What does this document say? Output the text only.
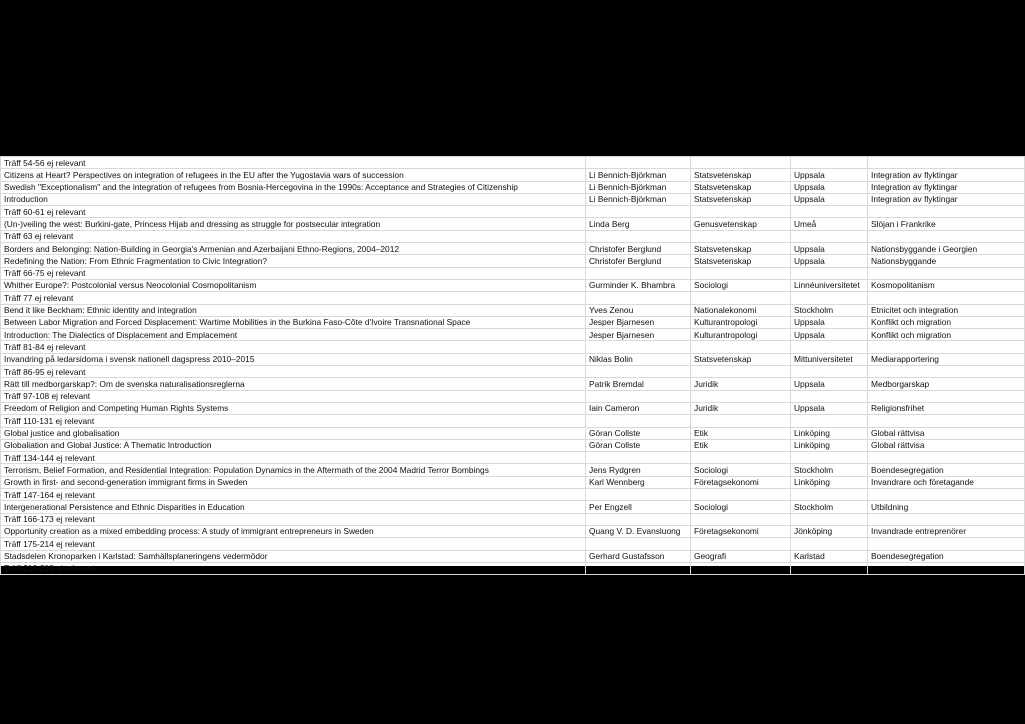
Träff 54-56 ej relevant				
Citizens at Heart? Perspectives on integration of refugees in the EU after the Yugoslavia wars of succession	Li Bennich-Björkman	Statsvetenskap	Uppsala	Integration av flyktingar
Swedish "Exceptionalism" and the integration of refugees from Bosnia-Hercegovina in the 1990s: Acceptance and Strategies of Citizenship	Li Bennich-Björkman	Statsvetenskap	Uppsala	Integration av flyktingar
Introduction	Li Bennich-Björkman	Statsvetenskap	Uppsala	Integration av flyktingar
Träff 60-61 ej relevant				
(Un-)veiling the west: Burkini-gate, Princess Hijab and dressing as struggle for postsecular integration	Linda Berg	Genusvetenskap	Umeå	Slöjan i Frankrike
Träff 63 ej relevant				
Borders and Belonging: Nation-Building in Georgia's Armenian and Azerbaijani Ethno-Regions, 2004–2012	Christofer Berglund	Statsvetenskap	Uppsala	Nationsbyggande i Georgien
Redefining the Nation: From Ethnic Fragmentation to Civic Integration?	Christofer Berglund	Statsvetenskap	Uppsala	Nationsbyggande
Träff 66-75 ej relevant				
Whither Europe?: Postcolonial versus Neocolonial Cosmopolitanism	Gurminder K. Bhambra	Sociologi	Linnéuniversitetet	Kosmopolitanism
Träff 77 ej relevant				
Bend it like Beckham: Ethnic identity and integration	Yves Zenou	Nationalekonomi	Stockholm	Etnicitet och integration
Between Labor Migration and Forced Displacement: Wartime Mobilities in the Burkina Faso-Côte d'Ivoire Transnational Space	Jesper Bjarnesen	Kulturantropologi	Uppsala	Konflikt och migration
Introduction: The Dialectics of Displacement and Emplacement	Jesper Bjarnesen	Kulturantropologi	Uppsala	Konflikt och migration
Träff 81-84 ej relevant				
Invandring på ledarsidorna i svensk nationell dagspress 2010–2015	Niklas Bolin	Statsvetenskap	Mittuniversitetet	Mediarapportering
Träff 86-95 ej relevant				
Rätt till medborgarskap?: Om de svenska naturalisationsreglerna	Patrik Bremdal	Juridik	Uppsala	Medborgarskap
Träff 97-108 ej relevant				
Freedom of Religion and Competing Human Rights Systems	Iain Cameron	Juridik	Uppsala	Religionsfrihet
Träff 110-131 ej relevant				
Global justice and globalisation	Göran Collste	Etik	Linköping	Global rättvisa
Globaliation and Global Justice: A Thematic Introduction	Göran Collste	Etik	Linköping	Global rättvisa
Träff 134-144 ej relevant				
Terrorism, Belief Formation, and Residential Integration: Population Dynamics in the Aftermath of the 2004 Madrid Terror Bombings	Jens Rydgren	Sociologi	Stockholm	Boendesegregation
Growth in first- and second-generation immigrant firms in Sweden	Karl Wennberg	Företagsekonomi	Linköping	Invandrare och företagande
Träff 147-164 ej relevant				
Intergenerational Persistence and Ethnic Disparities in Education	Per Engzell	Sociologi	Stockholm	Utbildning
Träff 166-173 ej relevant				
Opportunity creation as a mixed embedding process: A study of immigrant entrepreneurs in Sweden	Quang V. D. Evansluong	Företagsekonomi	Jönköping	Invandrade entreprenörer
Träff 175-214 ej relevant				
Stadsdelen Kronoparken i Karlstad: Samhällsplaneringens vedermödor	Gerhard Gustafsson	Geografi	Karlstad	Boendesegregation
Träff 216-218 ej relevant				
